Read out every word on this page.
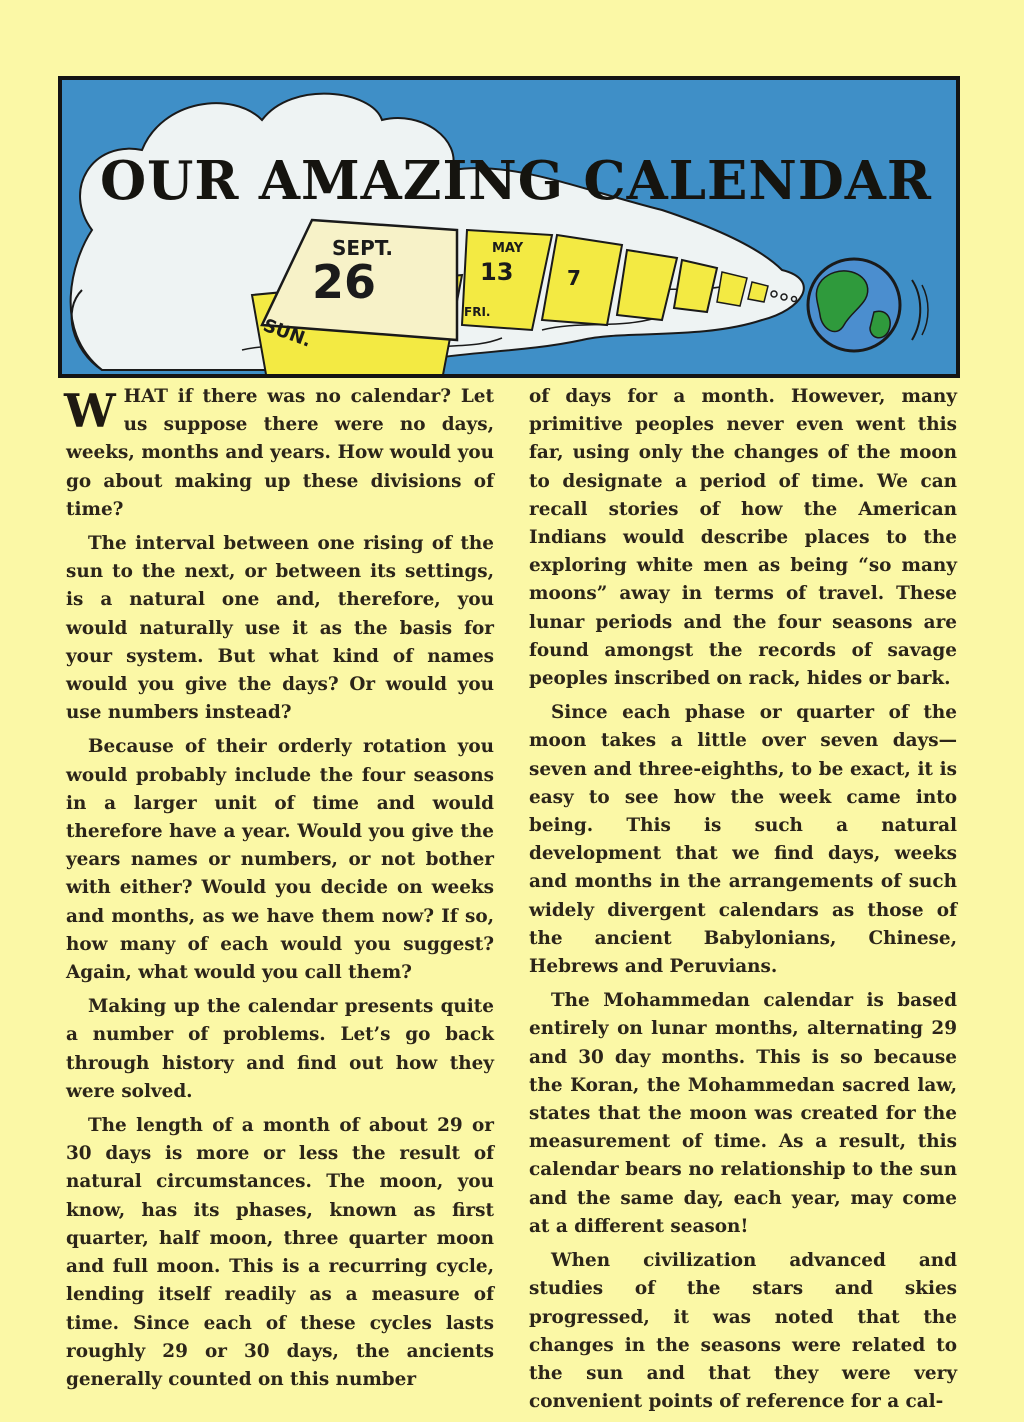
SEPT.
26
SUN.
MAY
13
FRI.
7
OUR AMAZING CALENDAR

WHAT if there was no calendar? Let us suppose there were no days, weeks, months and years. How would you go about making up these divisions of time?

The interval between one rising of the sun to the next, or between its settings, is a natural one and, therefore, you would naturally use it as the basis for your system. But what kind of names would you give the days? Or would you use numbers instead?

Because of their orderly rotation you would probably include the four seasons in a larger unit of time and would therefore have a year. Would you give the years names or numbers, or not bother with either? Would you decide on weeks and months, as we have them now? If so, how many of each would you suggest? Again, what would you call them?

Making up the calendar presents quite a number of problems. Let’s go back through history and find out how they were solved.

The length of a month of about 29 or 30 days is more or less the result of natural circumstances. The moon, you know, has its phases, known as first quarter, half moon, three quarter moon and full moon. This is a recurring cycle, lending itself readily as a measure of time. Since each of these cycles lasts roughly 29 or 30 days, the ancients generally counted on this number

of days for a month. However, many primitive peoples never even went this far, using only the changes of the moon to designate a period of time. We can recall stories of how the American Indians would describe places to the exploring white men as being “so many moons” away in terms of travel. These lunar periods and the four seasons are found amongst the records of savage peoples inscribed on rack, hides or bark.

Since each phase or quarter of the moon takes a little over seven days—seven and three-eighths, to be exact, it is easy to see how the week came into being. This is such a natural development that we find days, weeks and months in the arrangements of such widely divergent calendars as those of the ancient Babylonians, Chinese, Hebrews and Peruvians.

The Mohammedan calendar is based entirely on lunar months, alternating 29 and 30 day months. This is so because the Koran, the Mohammedan sacred law, states that the moon was created for the measurement of time. As a result, this calendar bears no relationship to the sun and the same day, each year, may come at a different season!

When civilization advanced and studies of the stars and skies progressed, it was noted that the changes in the seasons were related to the sun and that they were very convenient points of reference for a cal-
